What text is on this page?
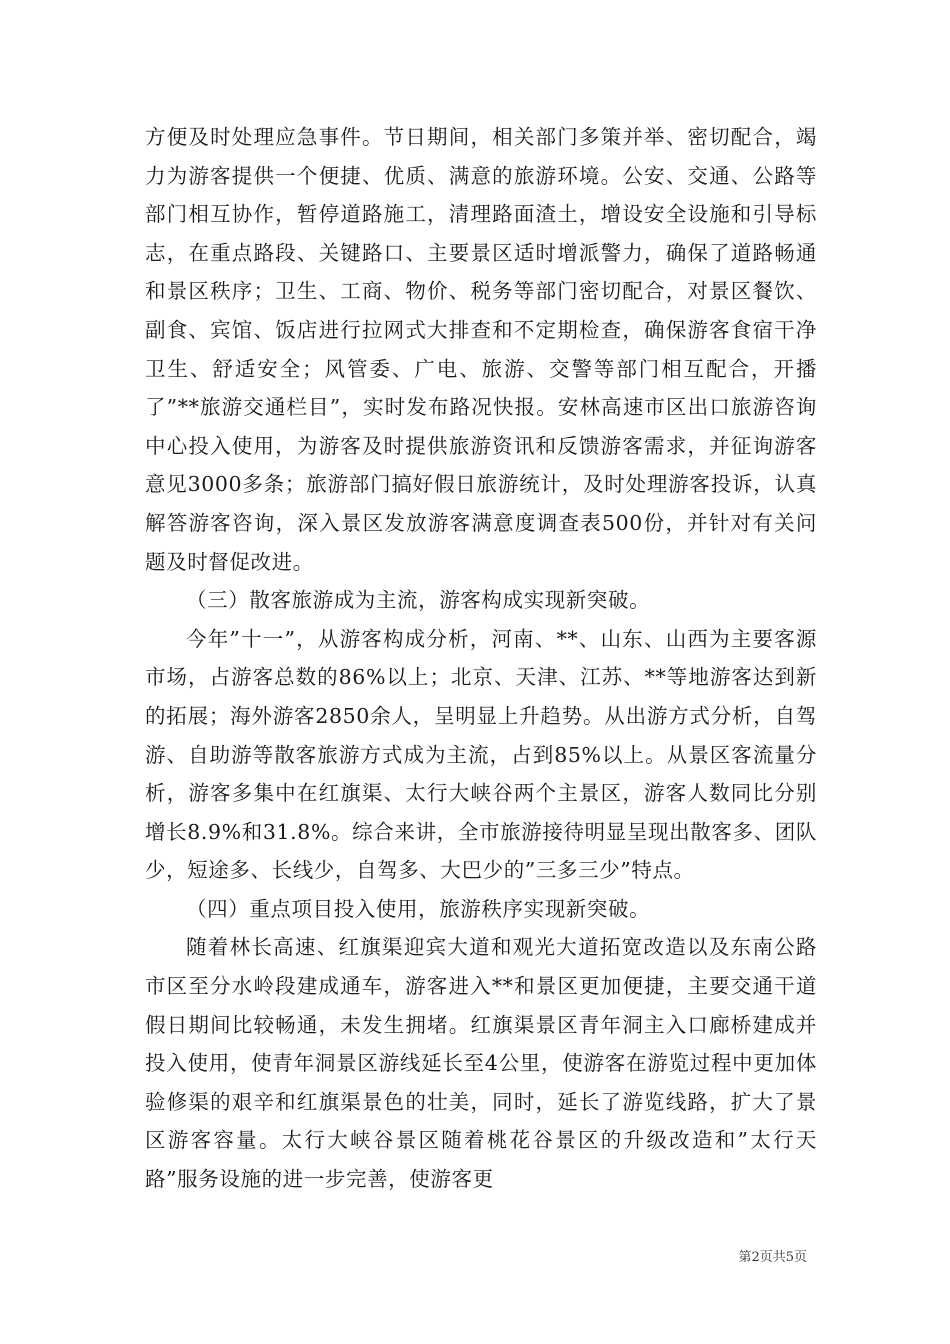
方便及时处理应急事件。节日期间，相关部门多策并举、密切配合，竭力为游客提供一个便捷、优质、满意的旅游环境。公安、交通、公路等部门相互协作，暂停道路施工，清理路面渣土，增设安全设施和引导标志，在重点路段、关键路口、主要景区适时增派警力，确保了道路畅通和景区秩序；卫生、工商、物价、税务等部门密切配合，对景区餐饮、副食、宾馆、饭店进行拉网式大排查和不定期检查，确保游客食宿干净卫生、舒适安全；风管委、广电、旅游、交警等部门相互配合，开播了”**旅游交通栏目”，实时发布路况快报。安林高速市区出口旅游咨询中心投入使用，为游客及时提供旅游资讯和反馈游客需求，并征询游客意见3000多条；旅游部门搞好假日旅游统计，及时处理游客投诉，认真解答游客咨询，深入景区发放游客满意度调查表500份，并针对有关问题及时督促改进。

（三）散客旅游成为主流，游客构成实现新突破。

今年”十一”，从游客构成分析，河南、**、山东、山西为主要客源市场，占游客总数的86%以上；北京、天津、江苏、**等地游客达到新的拓展；海外游客2850余人，呈明显上升趋势。从出游方式分析，自驾游、自助游等散客旅游方式成为主流，占到85%以上。从景区客流量分析，游客多集中在红旗渠、太行大峡谷两个主景区，游客人数同比分别增长8.9%和31.8%。综合来讲，全市旅游接待明显呈现出散客多、团队少，短途多、长线少，自驾多、大巴少的”三多三少”特点。

（四）重点项目投入使用，旅游秩序实现新突破。

随着林长高速、红旗渠迎宾大道和观光大道拓宽改造以及东南公路市区至分水岭段建成通车，游客进入**和景区更加便捷，主要交通干道假日期间比较畅通，未发生拥堵。红旗渠景区青年洞主入口廊桥建成并投入使用，使青年洞景区游线延长至4公里，使游客在游览过程中更加体验修渠的艰辛和红旗渠景色的壮美，同时，延长了游览线路，扩大了景区游客容量。太行大峡谷景区随着桃花谷景区的升级改造和”太行天路”服务设施的进一步完善，使游客更

第2页共5页
